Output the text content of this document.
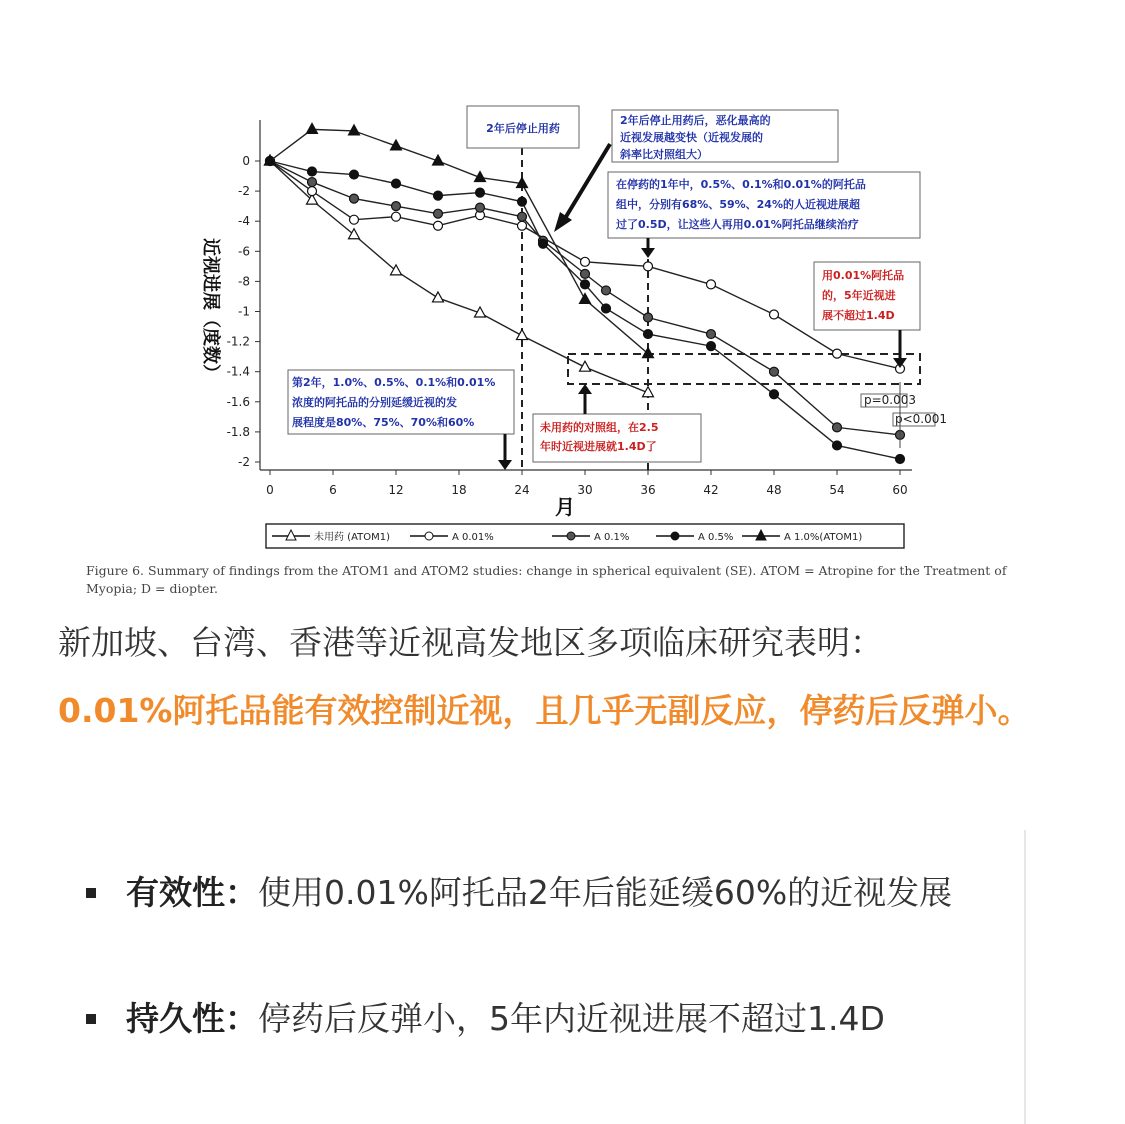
0	6	12	18	24	30	36	42	48	54	60
0
-2
-4
-6
-8
-1
-1.2
-1.4
-1.6
-1.8
-2
月
近视进展（度数）
2年后停止用药
2年后停止用药后，恶化最高的
近视发展越变快（近视发展的
斜率比对照组大）
在停药的1年中，0.5%、0.1%和0.01%的阿托品
组中，分别有68%、59%、24%的人近视进展超
过了0.5D，让这些人再用0.01%阿托品继续治疗
用0.01%阿托品
的，5年近视进
展不超过1.4D
第2年，1.0%、0.5%、0.1%和0.01%
浓度的阿托品的分别延缓近视的发
展程度是80%、75%、70%和60%	未用药的对照组，在2.5
年时近视进展就1.4D了
p=0.003
p<0.001
未用药 (ATOM1)	A 0.01%	A 0.1%	A 0.5%	A 1.0%(ATOM1)
Figure 6. Summary of findings from the ATOM1 and ATOM2 studies: change in spherical equivalent (SE). ATOM = Atropine for the Treatment of Myopia; D = diopter.
新加坡、台湾、香港等近视高发地区多项临床研究表明：
0.01%阿托品能有效控制近视，且几乎无副反应，停药后反弹小。
有效性：使用0.01%阿托品2年后能延缓60%的近视发展
持久性：停药后反弹小，5年内近视进展不超过1.4D
